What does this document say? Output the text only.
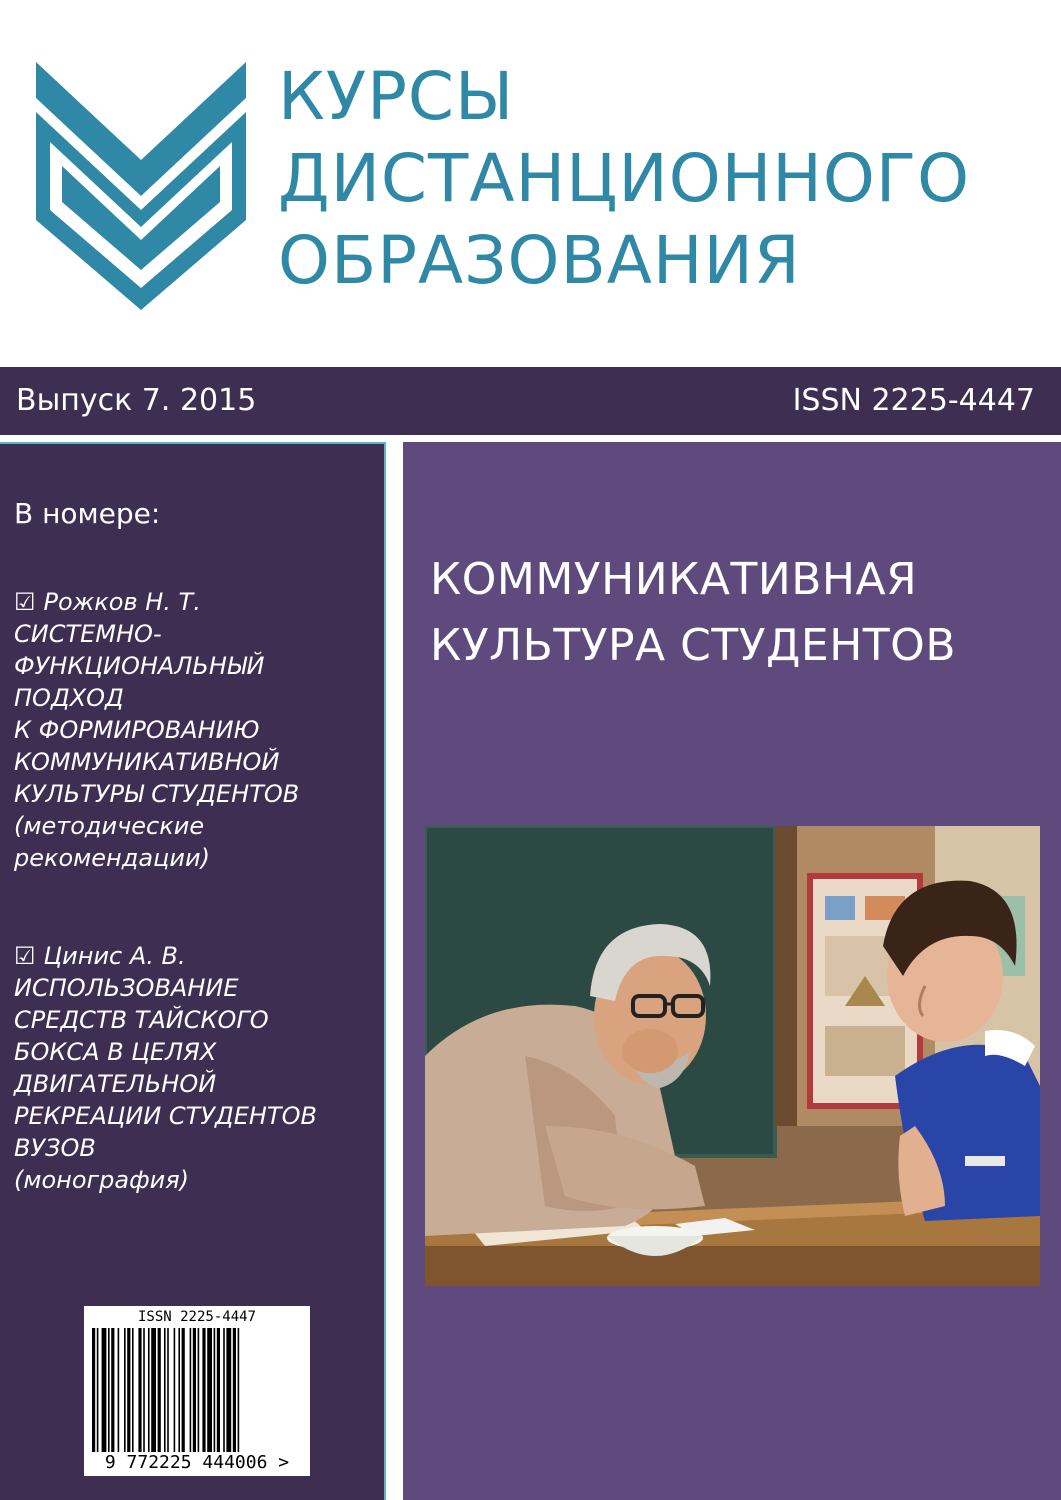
КУРСЫ
ДИСТАНЦИОННОГО
ОБРАЗОВАНИЯ
Выпуск 7. 2015	ISSN 2225-4447
В номере:
☑ Рожков Н. Т.
СИСТЕМНО-
ФУНКЦИОНАЛЬНЫЙ
ПОДХОД
К ФОРМИРОВАНИЮ
КОММУНИКАТИВНОЙ
КУЛЬТУРЫ СТУДЕНТОВ
(методические
рекомендации)
☑ Цинис А. В.
ИСПОЛЬЗОВАНИЕ
СРЕДСТВ ТАЙСКОГО
БОКСА В ЦЕЛЯХ
ДВИГАТЕЛЬНОЙ
РЕКРЕАЦИИ СТУДЕНТОВ
ВУЗОВ
(монография)
ISSN 2225-4447
9 772225 444006 >
КОММУНИКАТИВНАЯ
КУЛЬТУРА СТУДЕНТОВ
